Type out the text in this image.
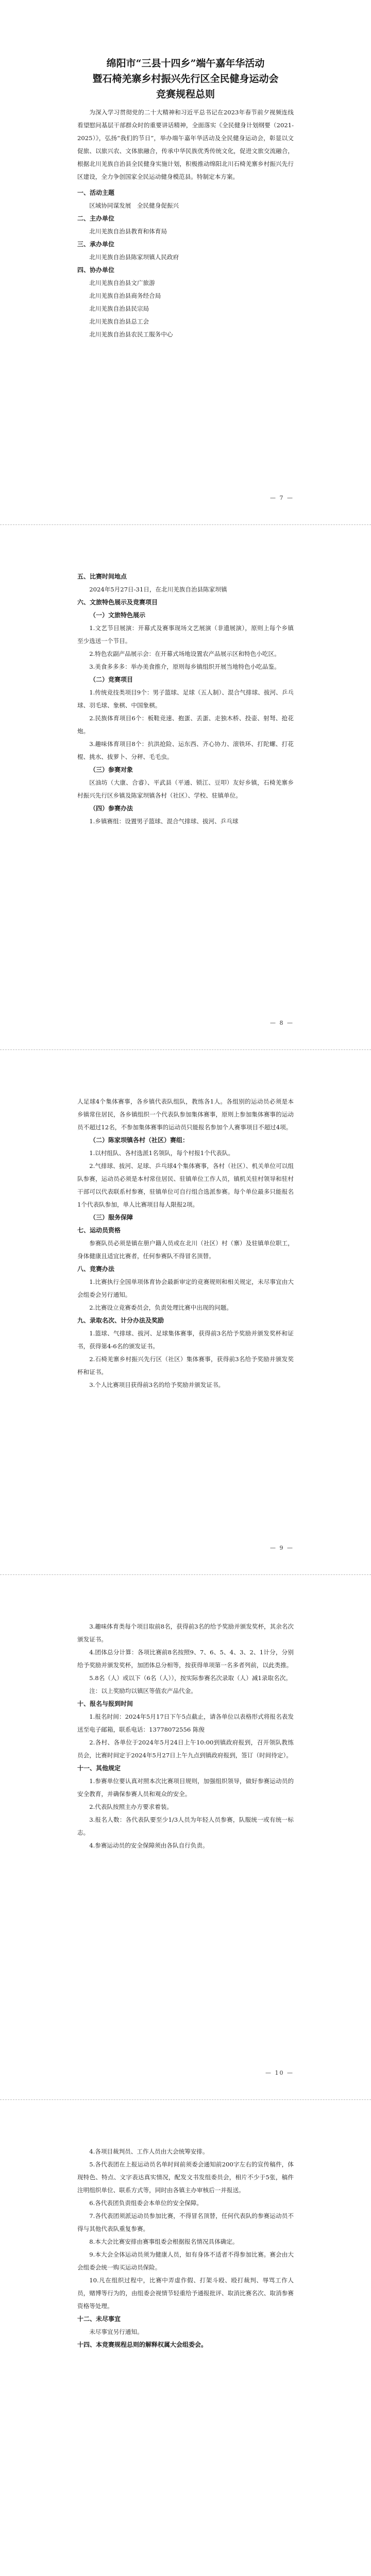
绵阳市“三县十四乡”端午嘉年华活动

暨石椅羌寨乡村振兴先行区全民健身运动会

竞赛规程总则

为深入学习贯彻党的二十大精神和习近平总书记在2023年春节前夕视频连线看望慰问基层干部群众时的重要讲话精神，全面落实《全民健身计划纲要（2021-2025）》，弘扬“我们的节日”，举办端午嘉年华活动及全民健身运动会，彰显以文促旅、以旅兴农、文体旅融合，传承中华民族优秀传统文化，促进文旅交流融合，根据北川羌族自治县全民健身实施计划，积极推动绵阳北川石椅羌寨乡村振兴先行区建设，全力争创国家全民运动健身模范县。特制定本方案。

一、活动主题

区域协同谋发展　全民健身促振兴

二、主办单位

北川羌族自治县教育和体育局

三、承办单位

北川羌族自治县陈家坝镇人民政府

四、协办单位

北川羌族自治县文广旅游

北川羌族自治县商务经合局

北川羌族自治县民宗局

北川羌族自治县总工会

北川羌族自治县农民工服务中心

— 7 —

五、比赛时间地点

2024年5月27日-31日，在北川羌族自治县陈家坝镇

六、文旅特色展示及竞赛项目

（一）文旅特色展示

1.文艺节目展演：开幕式及赛事现场文艺展演（非遗展演），原则上每个乡镇至少选送一个节目。

2.特色农副产品展示会：在开幕式场地设置农产品展示区和特色小吃区。

3.美食多多多：举办美食推介，原则每乡镇组织开展当地特色小吃品鉴。

（二）竞赛项目

1.传统竞技类项目9个：男子篮球、足球（五人制）、混合气排球、拔河、乒乓球、羽毛球、象棋、中国象棋。

2.民族体育项目6个：板鞋竞速、抱蛋、丢蛋、走独木桥、投壶、射弩、抢花炮。

3.趣味体育项目8个：抗洪抢险、运东西、齐心协力、滚铁环、打陀螺、打花棍、挑水、拔萝卜、分秤、毛毛虫。

（三）参赛对象

区油坊（大康、合睿）、平武县（平通、锁江、豆叩）友好乡镇，石椅羌寨乡村振兴先行区乡镇及陈家坝镇各村（社区）、学校、驻镇单位。

（四）参赛办法

1.乡镇赛组：设置男子篮球、混合气排球、拔河、乒乓球

— 8 —

人足球4个集体赛事，各乡镇代表队组队，教练各1人。各组别的运动员必须是本乡镇常住居民，各乡镇组织一个代表队参加集体赛事，原则上参加集体赛事的运动员不超过12名，不参加集体赛事的运动员只能报名参加个人赛事项目不超过4项。

（二）陈家坝镇各村（社区）赛组：

1.以村组队、各村选派1名领队，每个村报1个代表队。

2.气排球、拔河、足球、乒乓球4个集体赛事，各村（社区）、机关单位可以组队参赛，运动员必须是本村常住居民、驻镇单位工作人员，镇机关驻村领导和驻村干部可以代表联系村参赛，驻镇单位可自行组合选派参赛。每个单位最多只能报名1个代表队参加，单人比赛项目每人限报2项。

（三）服务保障

七、运动员资格

参赛队员必须是镇在册户籍人员或在北川（社区）村（寨）及驻镇单位职工，身体健康且适宜比赛者，任何参赛队不得冒名顶替。

八、竞赛办法

1.比赛执行全国单项体育协会最新审定的竞赛规则和相关规定，未尽事宜由大会组委会另行通知。

2.比赛设立竞赛委员会，负责处理比赛中出现的问题。

九、录取名次、计分办法及奖励

1.篮球、气排球、拔河、足球集体赛事，获得前3名给予奖励并颁发奖杯和证书，获得第4-6名的颁发证书。

2.石椅羌寨乡村振兴先行区（社区）集体赛事，获得前3名给予奖励并颁发奖杯和证书。

3.个人比赛项目获得前3名的给予奖励并颁发证书。

— 9 —

3.趣味体育类每个项目取前8名，获得前3名的给予奖励并颁发奖杯，其余名次颁发证书。

4.团体总分计算：各项比赛前8名按照9、7、6、5、4、3、2、1计分，分别给予奖励并颁发奖杯，加团体总分相等，按获得单项第一名多者列前，以此类推。

5.8名（人）或以下（6名（人）），按实际参赛名次录取（人）减1录取名次。

注：以上奖励均以镇区等值农产品代金。

十、报名与报到时间

1.报名时间：2024年5月17日下午5点截止，请各单位以表格形式将报名表发送至电子邮箱，联系电话：13778072556 陈俊

2.各村、各单位于2024年5月24日上午10:00到镇政府报到，召开领队教练员会，比赛时间定于2024年5月27日上午九点到镇政府报到，签订（时间待定）。

十一、其他规定

1.参赛单位要认真对照本次比赛项目规则，加强组织领导，做好参赛运动员的安全教育，并确保参赛人员和观众的安全。

2.代表队按照主办方要求着装。

3.报名人数：各代表队要至少1/3人员为年轻人员参赛，队服统一或有统一标志。

4.参赛运动员的安全保障须由各队自行负责。

— 10 —

4.各项目裁判员、工作人员由大会统筹安排。

5.各代表团在上报运动员名单时间前须委会通知前200字左右的宣传稿件，体现特色、特点、文字表达真实情况，配发文书发组委员会，相片不少于5张，稿件注明组织单位、联系方式等，同时由各镇主办审核后一并报送。

6.各代表团负责组委会本单位的安全保障。

7.各代表团须派运动员参加比赛，不得冒名顶替，任何代表队的参赛运动员不得与其他代表队重复参赛。

8.本大会比赛安排由赛事组委会根据报名情况具体确定。

9.本大会全体运动员须为健康人员，如有身体不适者不得参加比赛。赛会由大会组委会统一购买运动员保险。

10.凡在组织过程中，比赛中弄虚作假、打架斗殴、殴打裁判、辱骂工作人员，赌博等行为的，由组委会视情节轻重给予通报批评、取消比赛名次、取消参赛资格等处理。

十二、未尽事宜

未尽事宜另行通知。

十四、本竞赛规程总则的解释权属大会组委会。
